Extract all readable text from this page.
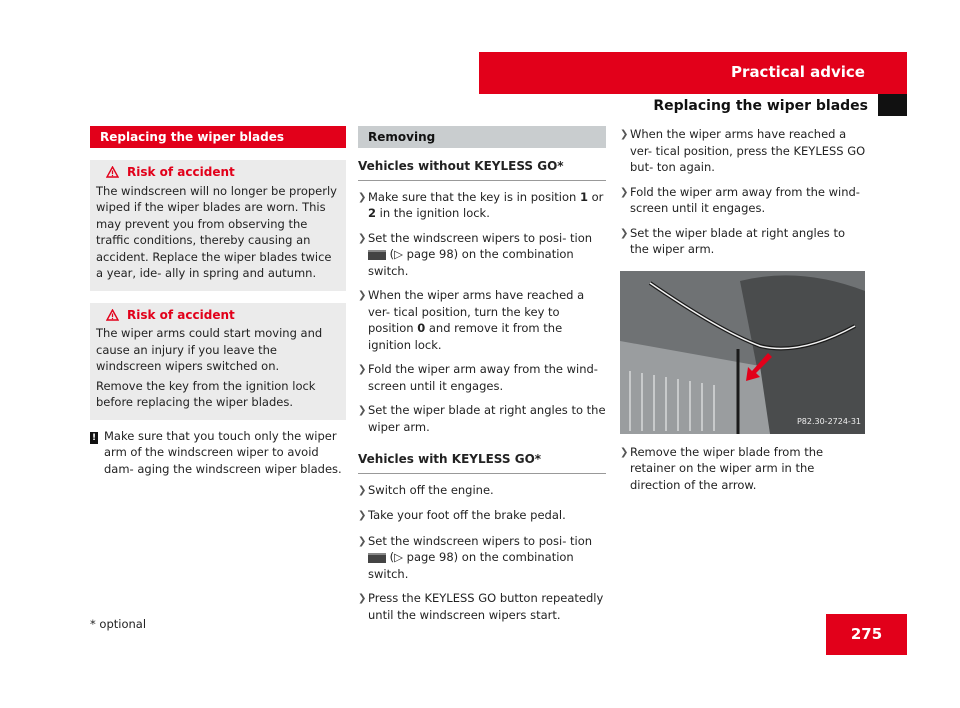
Practical advice
Replacing the wiper blades
Replacing the wiper blades
Risk of accident

The windscreen will no longer be properly wiped if the wiper blades are worn. This may prevent you from observing the traffic conditions, thereby causing an accident. Replace the wiper blades twice a year, ide- ally in spring and autumn.

Risk of accident

The wiper arms could start moving and cause an injury if you leave the windscreen wipers switched on.

Remove the key from the ignition lock before replacing the wiper blades.

! Make sure that you touch only the wiper arm of the windscreen wiper to avoid dam- aging the windscreen wiper blades.
Removing
Vehicles without KEYLESS GO*
❯ Make sure that the key is in position 1 or 2 in the ignition lock.
❯ Set the windscreen wipers to posi- tion  (▷ page 98) on the combination switch.
❯ When the wiper arms have reached a ver- tical position, turn the key to position 0 and remove it from the ignition lock.
❯ Fold the wiper arm away from the wind- screen until it engages.
❯ Set the wiper blade at right angles to the wiper arm.
Vehicles with KEYLESS GO*
❯ Switch off the engine.
❯ Take your foot off the brake pedal.
❯ Set the windscreen wipers to posi- tion  (▷ page 98) on the combination switch.
❯ Press the KEYLESS GO button repeatedly until the windscreen wipers start.
❯ When the wiper arms have reached a ver- tical position, press the KEYLESS GO but- ton again.
❯ Fold the wiper arm away from the wind- screen until it engages.
❯ Set the wiper blade at right angles to the wiper arm.
P82.30-2724-31
❯ Remove the wiper blade from the retainer on the wiper arm in the direction of the arrow.
* optional
275
